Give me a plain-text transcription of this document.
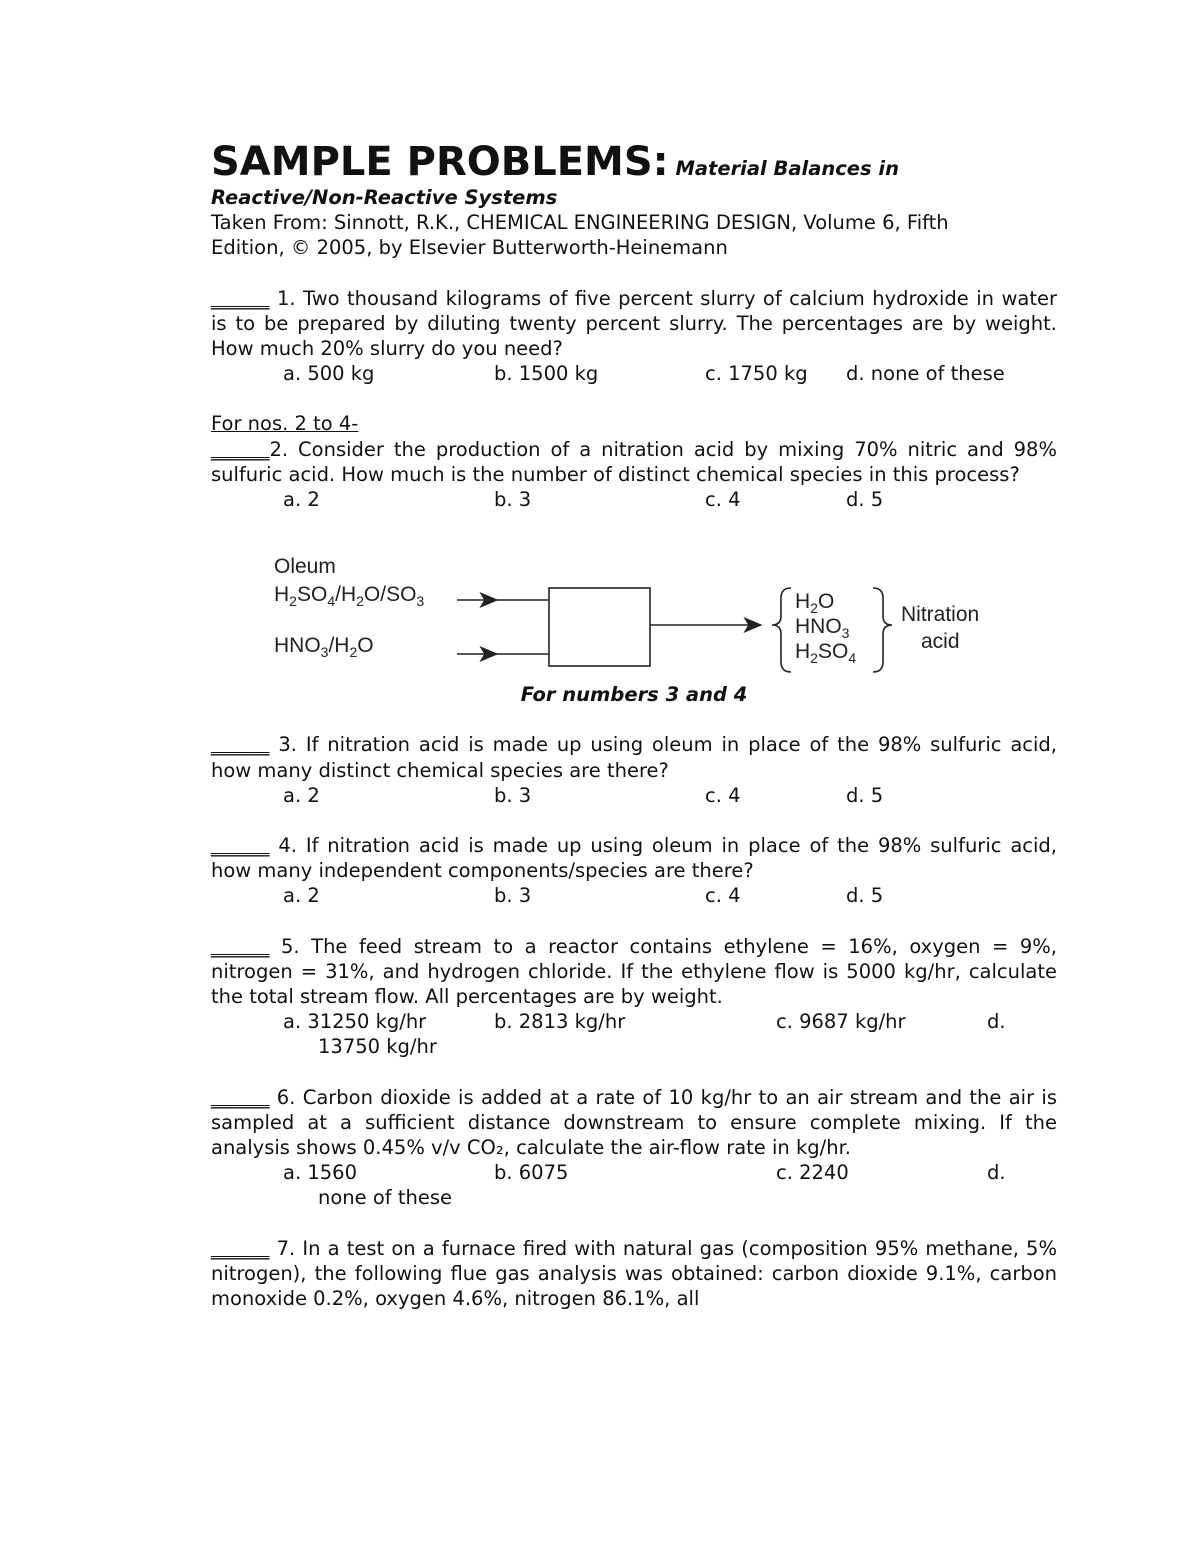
SAMPLE PROBLEMS: Material Balances in
Reactive/Non-Reactive Systems
Taken From: Sinnott, R.K., CHEMICAL ENGINEERING DESIGN, Volume 6, Fifth
Edition, © 2005, by Elsevier Butterworth-Heinemann
______ 1. Two thousand kilograms of five percent slurry of calcium hydroxide in water is to be prepared by diluting twenty percent slurry. The percentages are by weight. How much 20% slurry do you need?
a. 500 kg	b. 1500 kg	c. 1750 kg	d. none of these
For nos. 2 to 4-
______2. Consider the production of a nitration acid by mixing 70% nitric and 98% sulfuric acid. How much is the number of distinct chemical species in this process?
a. 2	b. 3	c. 4	d. 5
Oleum
$H_2SO_4/H_2O/SO_3$
$HNO_3/H_2O$
$H_2O$
$HNO_3$
$H_2SO_4$
Nitration
acid
For numbers 3 and 4
______ 3. If nitration acid is made up using oleum in place of the 98% sulfuric acid, how many distinct chemical species are there?
a. 2	b. 3	c. 4	d. 5
______ 4. If nitration acid is made up using oleum in place of the 98% sulfuric acid, how many independent components/species are there?
a. 2	b. 3	c. 4	d. 5
______ 5. The feed stream to a reactor contains ethylene = 16%, oxygen = 9%, nitrogen = 31%, and hydrogen chloride. If the ethylene flow is 5000 kg/hr, calculate the total stream flow. All percentages are by weight.
a. 31250 kg/hr	b. 2813 kg/hr	c. 9687 kg/hr	d.
13750 kg/hr
______ 6. Carbon dioxide is added at a rate of 10 kg/hr to an air stream and the air is sampled at a sufficient distance downstream to ensure complete mixing. If the analysis shows 0.45% v/v CO₂, calculate the air-flow rate in kg/hr.
a. 1560	b. 6075	c. 2240	d.
none of these
______ 7. In a test on a furnace fired with natural gas (composition 95% methane, 5% nitrogen), the following flue gas analysis was obtained: carbon dioxide 9.1%, carbon monoxide 0.2%, oxygen 4.6%, nitrogen 86.1%, all
